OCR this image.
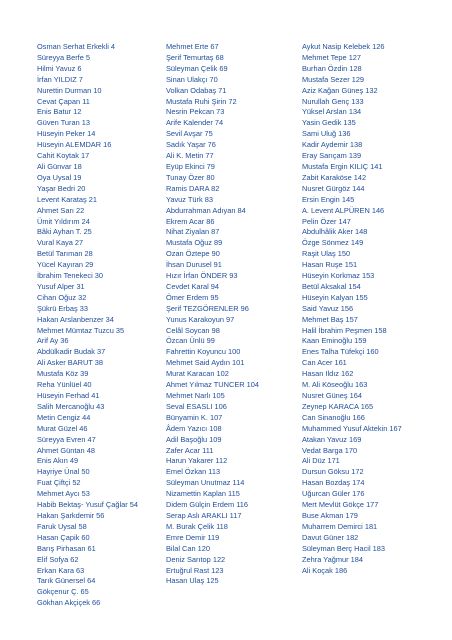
Osman Serhat Erkekli 4
Süreyya Berfe 5
Hilmi Yavuz 6
İrfan YILDIZ 7
Nurettin Durman 10
Cevat Çapan 11
Enis Batur 12
Güven Turan 13
Hüseyin Peker 14
Hüseyin ALEMDAR 16
Cahit Koytak 17
Ali Günvar 18
Oya Uysal 19
Yaşar Bedri 20
Levent Karataş 21
Ahmet Sarı 22
Ümit Yıldırım 24
Bâki Ayhan T. 25
Vural Kaya 27
Betül Tarıman 28
Yücel Kayıran 29
İbrahim Tenekeci 30
Yusuf Alper 31
Cihan Oğuz 32
Şükrü Erbaş 33
Hakan Arslanbenzer 34
Mehmet Mümtaz Tuzcu 35
Arif Ay 36
Abdülkadir Budak 37
Ali Asker BARUT 38
Mustafa Köz 39
Reha Yünlüel 40
Hüseyin Ferhad 41
Salih Mercanoğlu 43
Metin Cengiz 44
Murat Güzel 46
Süreyya Evren 47
Ahmet Güntan 48
Enis Akın 49
Hayriye Ünal 50
Fuat Çiftçi 52
Mehmet Aycı 53
Habib Bektaş- Yusuf Çağlar 54
Hakan Şarkdemir 56
Faruk Uysal 58
Hasan Çapik 60
Barış Pirhasan 61
Elif Sofya 62
Erkan Kara 63
Tarık Günersel 64
Gökçenur Ç. 65
Gökhan Akçiçek 66
Mehmet Erte 67
Şerif Temurtaş 68
Süleyman Çelik 69
Sinan Ulakçı 70
Volkan Odabaş 71
Mustafa Ruhi Şirin 72
Nesrin Pekcan 73
Arife Kalender 74
Sevil Avşar 75
Sadık Yaşar 76
Ali K. Metin 77
Eyüp Ekinci 79
Tunay Özer 80
Ramis DARA 82
Yavuz Türk 83
Abdurrahman Adıyan 84
Ekrem Acar 86
Nihat Ziyalan 87
Mustafa Oğuz 89
Ozan Öztepe 90
İhsan Durusel 91
Hızır İrfan ÖNDER 93
Cevdet Karal 94
Ömer Erdem 95
Şerif TEZGÖRENLER 96
Yunus Karakoyun 97
Celâl Soycan 98
Özcan Ünlü 99
Fahrettin Koyuncu 100
Mehmet Said Aydın 101
Murat Karacan 102
Ahmet Yılmaz TUNCER 104
Mehmet Narlı 105
Seval ESASLI 106
Bünyamin K. 107
Âdem Yazıcı 108
Adil Başoğlu 109
Zafer Acar 111
Harun Yakarer 112
Emel Özkan 113
Süleyman Unutmaz 114
Nizamettin Kaplan 115
Didem Gülçin Erdem 116
Serap Aslı ARAKLI 117
M. Burak Çelik 118
Emre Demir 119
Bilal Can 120
Deniz Sarıtop 122
Ertuğrul Rast 123
Hasan Ulaş 125
Aykut Nasip Kelebek 126
Mehmet Tepe 127
Burhan Özdin 128
Mustafa Sezer 129
Aziz Kağan Güneş 132
Nurullah Genç 133
Yüksel Arslan 134
Yasin Gedik 135
Sami Uluğ 136
Kadir Aydemir 138
Eray Sarıçam 139
Mustafa Ergin KILIÇ 141
Zabit Karaköse 142
Nusret Gürgöz 144
Ersin Engin 145
A. Levent ALPÜREN 146
Pelin Özer 147
Abdulhâlik Aker 148
Özge Sönmez 149
Raşit Ulaş 150
Hasan Ruşe 151
Hüseyin Korkmaz 153
Betül Aksakal 154
Hüseyin Kalyan 155
Said Yavuz 156
Mehmet Baş 157
Halil İbrahim Peşmen 158
Kaan Eminoğlu 159
Enes Talha Tüfekçi 160
Can Acer 161
Hasan Ildız 162
M. Ali Köseoğlu 163
Nusret Güneş 164
Zeynep KARACA 165
Can Sinanoğlu 166
Muhammed Yusuf Aktekin 167
Atakan Yavuz 169
Vedat Barga 170
Ali Düz 171
Dursun Göksu 172
Hasan Bozdaş 174
Uğurcan Güler 176
Mert Mevlüt Gökçe 177
Buse Akman 179
Muharrem Demirci 181
Davut Güner 182
Süleyman Berç Hacil 183
Zehra Yağmur 184
Ali Koçak 186
